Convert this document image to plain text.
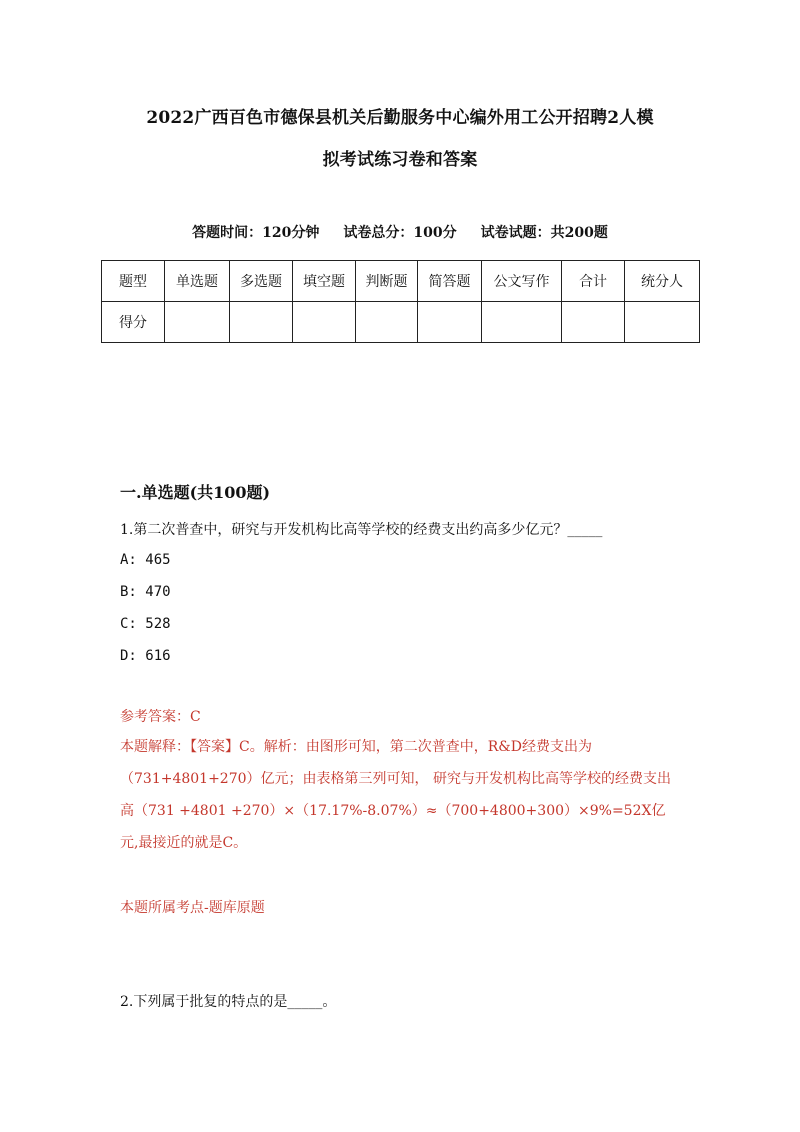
2022广西百色市德保县机关后勤服务中心编外用工公开招聘2人模
拟考试练习卷和答案
答题时间：120分钟 试卷总分：100分 试卷试题：共200题
题型	单选题	多选题	填空题	判断题	简答题	公文写作	合计	统分人
得分								
一.单选题(共100题)
1.第二次普查中，研究与开发机构比高等学校的经费支出约高多少亿元？_____
A: 465
B: 470
C: 528
D: 616
参考答案：C
本题解释：【答案】C。解析：由图形可知，第二次普查中，R&D经费支出为（731+4801+270）亿元；由表格第三列可知， 研究与开发机构比高等学校的经费支出高（731 +4801 +270）×（17.17%-8.07%）≈（700+4800+300）×9%=52X亿元,最接近的就是C。
本题所属考点-题库原题
2.下列属于批复的特点的是_____。
